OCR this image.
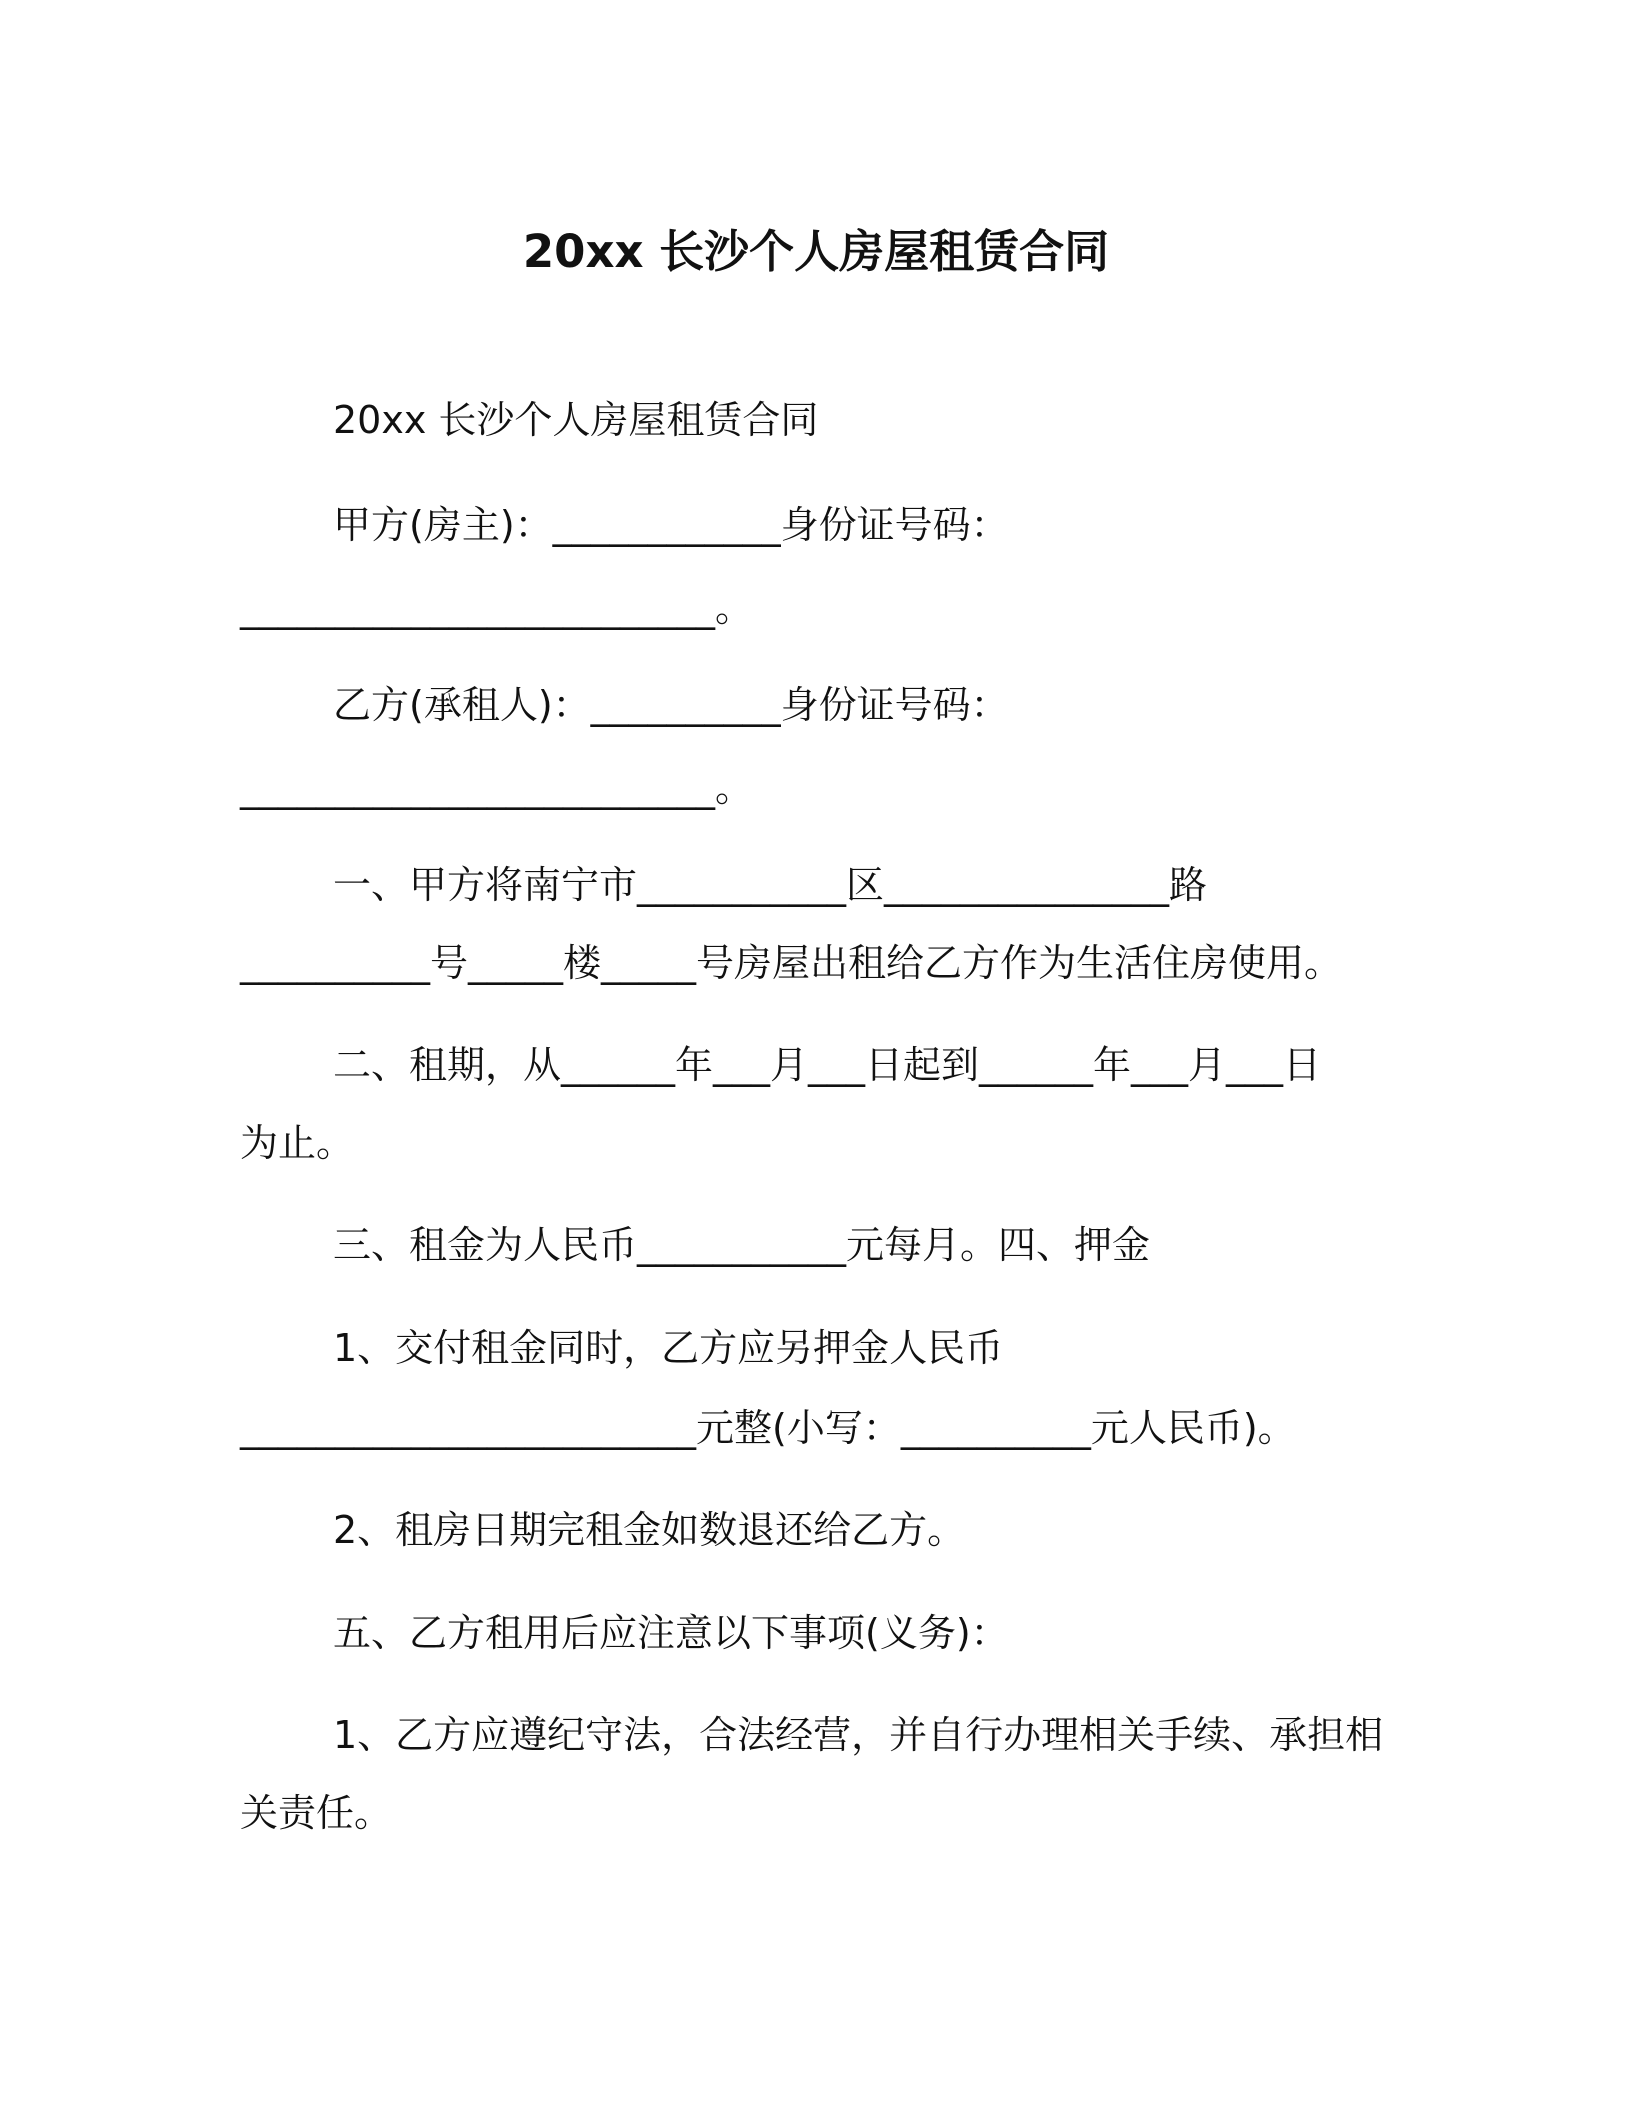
20xx 长沙个人房屋租赁合同
20xx 长沙个人房屋租赁合同
甲方(房主)：____________身份证号码：
_________________________。
乙方(承租人)：__________身份证号码：
_________________________。
一、甲方将南宁市___________区_______________路
__________号_____楼_____号房屋出租给乙方作为生活住房使用。
二、租期，从______年___月___日起到______年___月___日
为止。
三、租金为人民币___________元每月。四、押金
1、交付租金同时，乙方应另押金人民币
________________________元整(小写：__________元人民币)。
2、租房日期完租金如数退还给乙方。
五、乙方租用后应注意以下事项(义务)：
1、乙方应遵纪守法，合法经营，并自行办理相关手续、承担相
关责任。
